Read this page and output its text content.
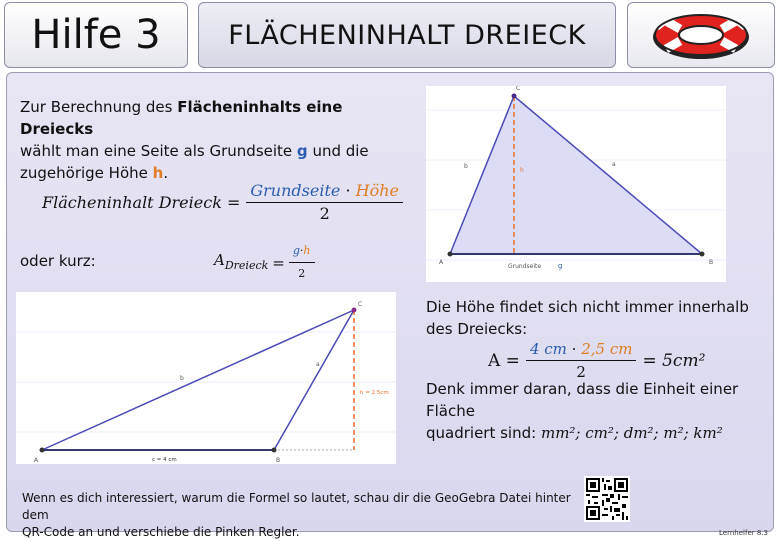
Hilfe 3	FLÄCHENINHALT DREIECK
Zur Berechnung des Flächeninhalts eine Dreiecks
wählt man eine Seite als Grundseite g und die
zugehörige Höhe h.
Flächeninhalt Dreieck = $\frac{\text{Grundseite · Höhe}}{2}$
oder kurz:	$A_{Dreieck} = \frac{g\cdot h}{2}$
C
A	B
a
b
h
Grundseite g
C
A	B
a
b
h = 2.5cm
c = 4 cm
Die Höhe findet sich nicht immer innerhalb
des Dreiecks:
$A = \frac{4 cm \cdot 2,5 cm}{2} = 5cm^2$
Denk immer daran, dass die Einheit einer Fläche
quadriert sind: mm²; cm²; dm²; m²; km²
Wenn es dich interessiert, warum die Formel so lautet, schau dir die GeoGebra Datei hinter dem
QR-Code an und verschiebe die Pinken Regler.	Lernhelfer 8.3
